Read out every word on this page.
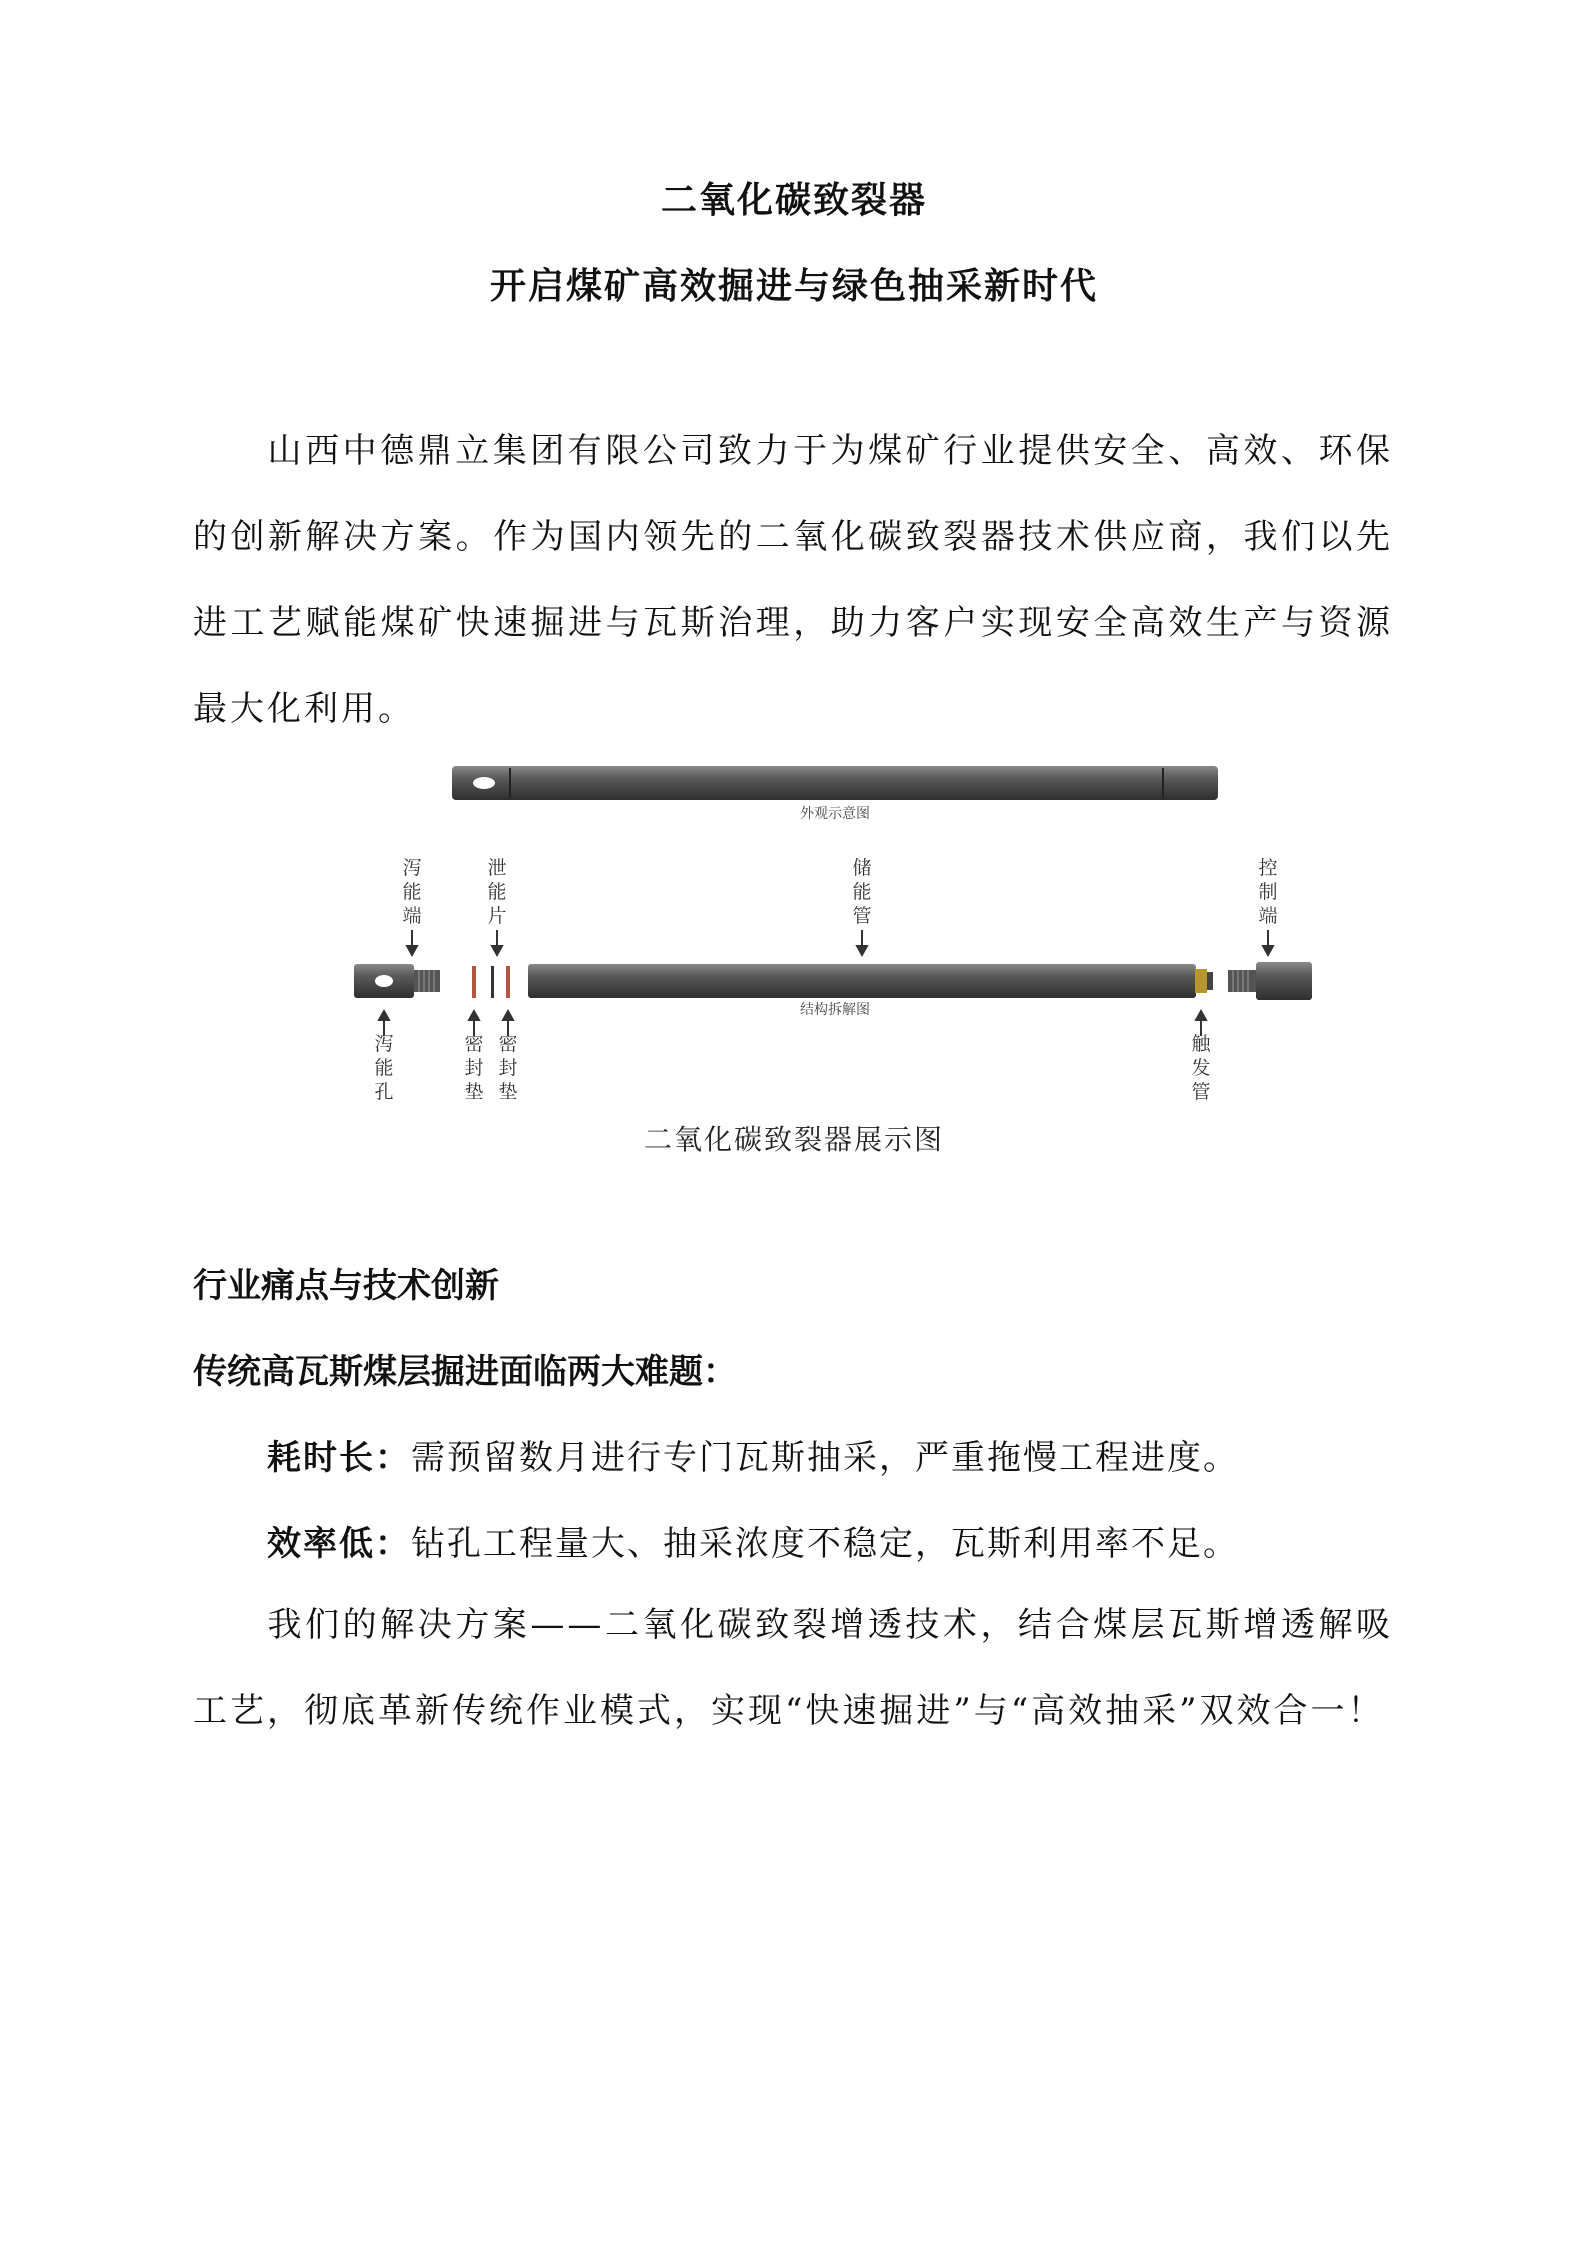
二氧化碳致裂器
开启煤矿高效掘进与绿色抽采新时代
山西中德鼎立集团有限公司致力于为煤矿行业提供安全、高效、环保的创新解决方案。作为国内领先的二氧化碳致裂器技术供应商，我们以先进工艺赋能煤矿快速掘进与瓦斯治理，助力客户实现安全高效生产与资源最大化利用。
外观示意图
泻能端
泄能片
储能管
控制端
结构拆解图
泻能孔
密封垫
密封垫
触发管
二氧化碳致裂器展示图
行业痛点与技术创新
传统高瓦斯煤层掘进面临两大难题：
耗时长：需预留数月进行专门瓦斯抽采，严重拖慢工程进度。
效率低：钻孔工程量大、抽采浓度不稳定，瓦斯利用率不足。
我们的解决方案——二氧化碳致裂增透技术，结合煤层瓦斯增透解吸工艺，彻底革新传统作业模式，实现“快速掘进”与“高效抽采”双效合一！
